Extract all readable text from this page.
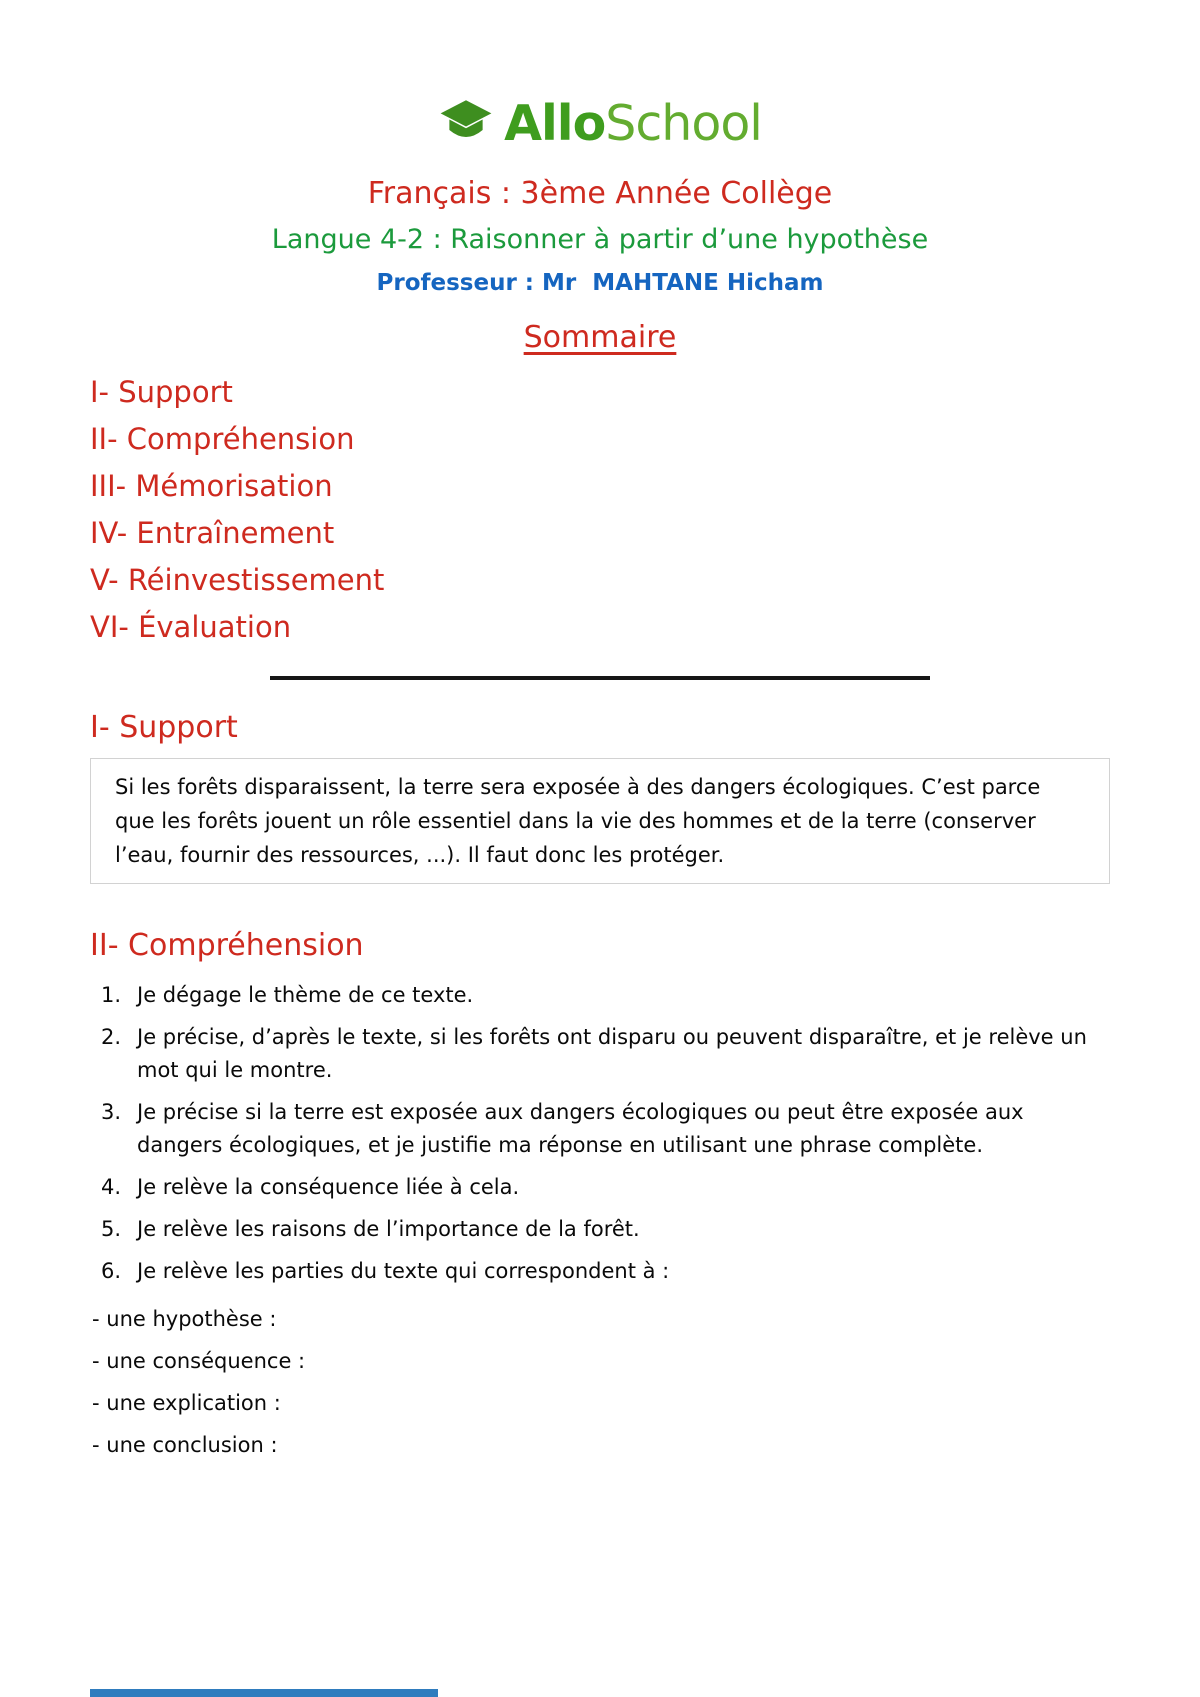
AlloSchool
Français : 3ème Année Collège
Langue 4-2 : Raisonner à partir d’une hypothèse
Professeur : Mr  MAHTANE Hicham
Sommaire
I- Support
II- Compréhension
III- Mémorisation
IV- Entraînement
V- Réinvestissement
VI- Évaluation
I- Support

Si les forêts disparaissent, la terre sera exposée à des dangers écologiques. C’est parce que les forêts jouent un rôle essentiel dans la vie des hommes et de la terre (conserver l’eau, fournir des ressources, ...). Il faut donc les protéger.

II- Compréhension
Je dégage le thème de ce texte.
Je précise, d’après le texte, si les forêts ont disparu ou peuvent disparaître, et je relève un mot qui le montre.
Je précise si la terre est exposée aux dangers écologiques ou peut être exposée aux dangers écologiques, et je justifie ma réponse en utilisant une phrase complète.
Je relève la conséquence liée à cela.
Je relève les raisons de l’importance de la forêt.
Je relève les parties du texte qui correspondent à :

- une hypothèse :

- une conséquence :

- une explication :

- une conclusion :
